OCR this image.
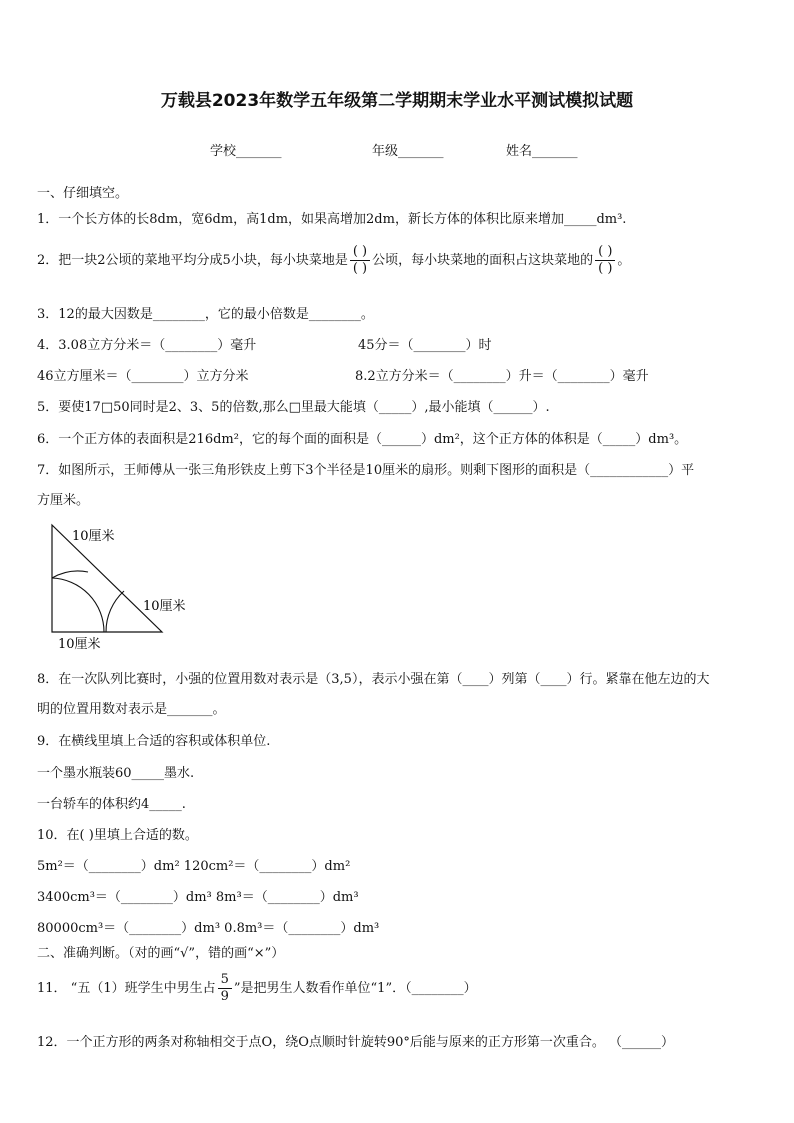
万载县2023年数学五年级第二学期期末学业水平测试模拟试题
学校_______	年级_______	姓名_______
一、仔细填空。
1．一个长方体的长8dm，宽6dm，高1dm，如果高增加2dm，新长方体的体积比原来增加_____dm³.
2．把一块2公顷的菜地平均分成5小块，每小块菜地是 $\frac{( )}{( )}$ 公顷，每小块菜地的面积占这块菜地的 $\frac{( )}{( )}$ 。
3．12的最大因数是________，它的最小倍数是________。
4．3.08立方分米＝（________）毫升	45分＝（________）时
46立方厘米＝（________）立方分米	8.2立方分米＝（________）升＝（________）毫升
5．要使17□50同时是2、3、5的倍数,那么□里最大能填（_____）,最小能填（______）.
6．一个正方体的表面积是216dm²，它的每个面的面积是（______）dm²，这个正方体的体积是（_____）dm³。
7．如图所示，王师傅从一张三角形铁皮上剪下3个半径是10厘米的扇形。则剩下图形的面积是（____________）平
方厘米。
10厘米
10厘米
10厘米
8．在一次队列比赛时，小强的位置用数对表示是（3,5），表示小强在第（____）列第（____）行。紧靠在他左边的大
明的位置用数对表示是_______。
9．在横线里填上合适的容积或体积单位.
一个墨水瓶装60_____墨水.
一台轿车的体积约4_____.
10．在( )里填上合适的数。
5m²＝（________）dm² 120cm²＝（________）dm²
3400cm³＝（________）dm³ 8m³＝（________）dm³
80000cm³＝（________）dm³ 0.8m³＝（________）dm³
二、准确判断。（对的画“√”，错的画“×”）
11． “五（1）班学生中男生占 $\frac{5}{9}$ ”是把男生人数看作单位“1”．（________）
12．一个正方形的两条对称轴相交于点O，绕O点顺时针旋转90°后能与原来的正方形第一次重合。 （______）
